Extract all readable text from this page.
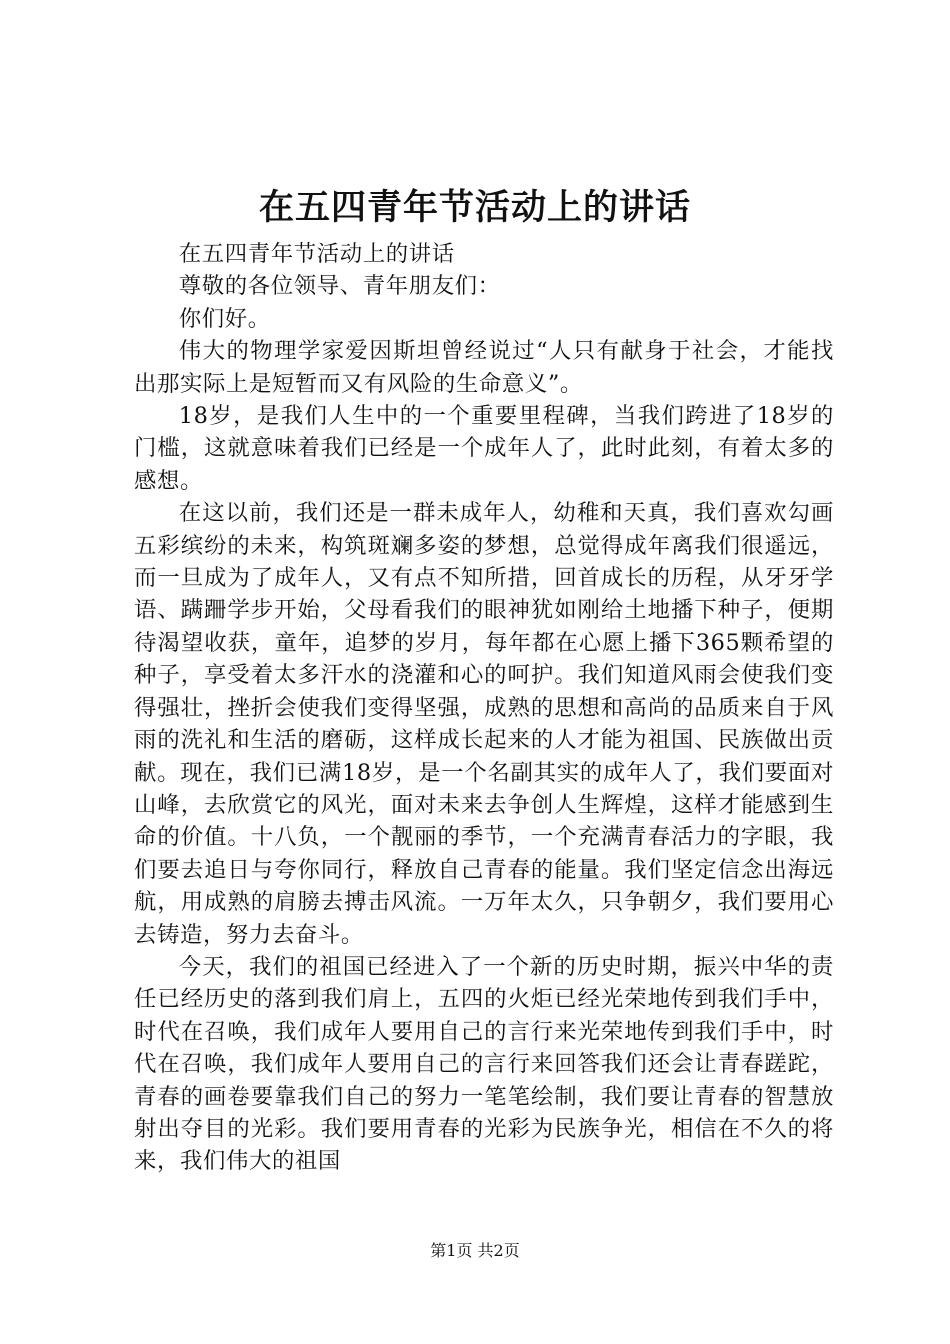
在五四青年节活动上的讲话

在五四青年节活动上的讲话

尊敬的各位领导、青年朋友们：

你们好。

伟大的物理学家爱因斯坦曾经说过“人只有献身于社会，才能找出那实际上是短暂而又有风险的生命意义”。

18岁，是我们人生中的一个重要里程碑，当我们跨进了18岁的门槛，这就意味着我们已经是一个成年人了，此时此刻，有着太多的感想。

在这以前，我们还是一群未成年人，幼稚和天真，我们喜欢勾画五彩缤纷的未来，构筑斑斓多姿的梦想，总觉得成年离我们很遥远，而一旦成为了成年人，又有点不知所措，回首成长的历程，从牙牙学语、蹒跚学步开始，父母看我们的眼神犹如刚给土地播下种子，便期待渴望收获，童年，追梦的岁月，每年都在心愿上播下365颗希望的种子，享受着太多汗水的浇灌和心的呵护。我们知道风雨会使我们变得强壮，挫折会使我们变得坚强，成熟的思想和高尚的品质来自于风雨的洗礼和生活的磨砺，这样成长起来的人才能为祖国、民族做出贡献。现在，我们已满18岁，是一个名副其实的成年人了，我们要面对山峰，去欣赏它的风光，面对未来去争创人生辉煌，这样才能感到生命的价值。十八负，一个靓丽的季节，一个充满青春活力的字眼，我们要去追日与夸你同行，释放自己青春的能量。我们坚定信念出海远航，用成熟的肩膀去搏击风流。一万年太久，只争朝夕，我们要用心去铸造，努力去奋斗。

今天，我们的祖国已经进入了一个新的历史时期，振兴中华的责任已经历史的落到我们肩上，五四的火炬已经光荣地传到我们手中，时代在召唤，我们成年人要用自己的言行来光荣地传到我们手中，时代在召唤，我们成年人要用自己的言行来回答我们还会让青春蹉跎，青春的画卷要靠我们自己的努力一笔笔绘制，我们要让青春的智慧放射出夺目的光彩。我们要用青春的光彩为民族争光，相信在不久的将来，我们伟大的祖国

第1页 共2页
